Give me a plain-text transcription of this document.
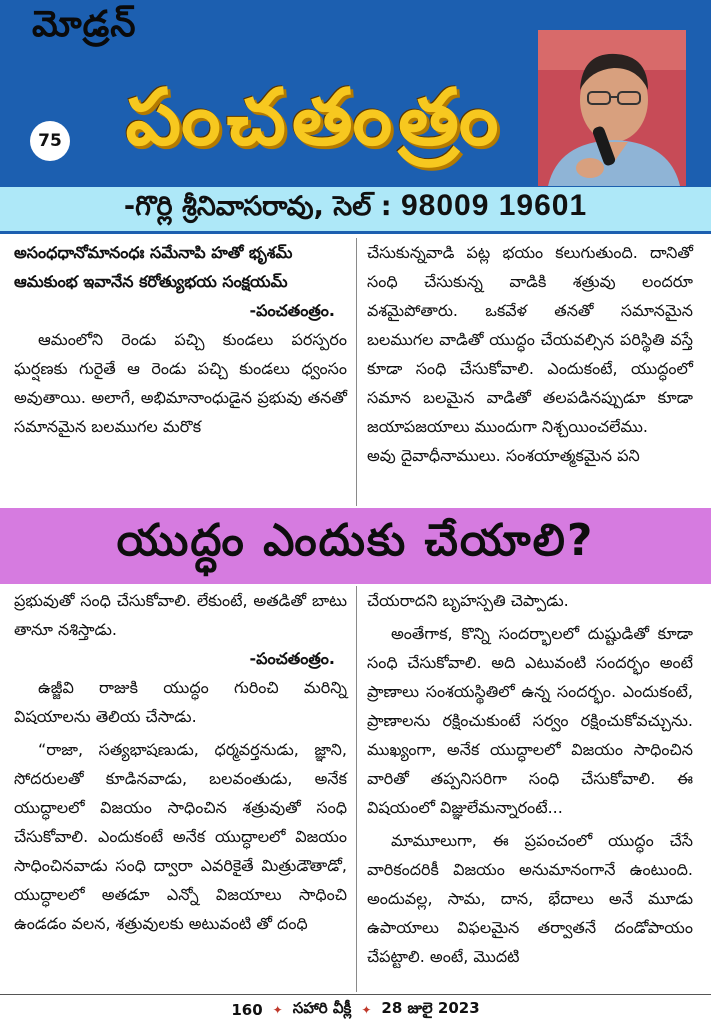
మోడ్రన్
75 పంచతంత్రం
-గొర్లి శ్రీనివాసరావు, సెల్ : 98009 19601

అసంధధానోమానంధః సమేనాపి హతో భృశమ్

ఆమకుంభ ఇవానేన కరోత్యుభయ సంక్షయమ్

-పంచతంత్రం.

ఆమంలోని రెండు పచ్చి కుండలు పరస్పరం ఘర్షణకు గురైతే ఆ రెండు పచ్చి కుండలు ధ్వంసం అవుతాయి. అలాగే, అభిమానాంధుడైన ప్రభువు తనతో సమానమైన బలముగల మరొక

చేసుకున్నవాడి పట్ల భయం కలుగుతుంది. దానితో సంధి చేసుకున్న వాడికి శత్రువు లందరూ వశమైపోతారు. ఒకవేళ తనతో సమానమైన బలముగల వాడితో యుద్ధం చేయవల్సిన పరిస్థితి వస్తే కూడా సంధి చేసుకోవాలి. ఎందుకంటే, యుద్ధంలో సమాన బలమైన వాడితో తలపడినప్పుడూ కూడా జయాపజయాలు ముందుగా నిశ్చయించలేము.

అవు దైవాధీనాములు. సంశయాత్మకమైన పని

యుద్ధం ఎందుకు చేయాలి?

ప్రభువుతో సంధి చేసుకోవాలి. లేకుంటే, అతడితో బాటు తానూ నశిస్తాడు.

-పంచతంత్రం.

ఉజ్జీవి రాజుకి యుద్ధం గురించి మరిన్ని విషయాలను తెలియ చేసాడు.

“రాజా, సత్యభాషణుడు, ధర్మవర్తనుడు, జ్ఞాని, సోదరులతో కూడినవాడు, బలవంతుడు, అనేక యుద్ధాలలో విజయం సాధించిన శత్రువుతో సంధి చేసుకోవాలి. ఎందుకంటే అనేక యుద్ధాలలో విజయం సాధించినవాడు సంధి ద్వారా ఎవరికైతే మిత్రుడౌతాడో, యుద్ధాలలో అతడూ ఎన్నో విజయాలు సాధించి ఉండడం వలన, శత్రువులకు అటువంటి తో దంధి

చేయరాదని బృహస్పతి చెప్పాడు.

అంతేగాక, కొన్ని సందర్భాలలో దుష్టుడితో కూడా సంధి చేసుకోవాలి. అది ఎటువంటి సందర్భం అంటే ప్రాణాలు సంశయస్థితిలో ఉన్న సందర్భం. ఎందుకంటే, ప్రాణాలను రక్షించుకుంటే సర్వం రక్షించుకోవచ్చును. ముఖ్యంగా, అనేక యుద్ధాలలో విజయం సాధించిన వారితో తప్పనిసరిగా సంధి చేసుకోవాలి. ఈ విషయంలో విజ్ఞులేమన్నారంటే...

మామూలుగా, ఈ ప్రపంచంలో యుద్ధం చేసే వారికందరికీ విజయం అనుమానంగానే ఉంటుంది. అందువల్ల, సామ, దాన, భేదాలు అనే మూడు ఉపాయాలు విఫలమైన తర్వాతనే దండోపాయం చేపట్టాలి. అంటే, మొదటి

160 ✦ సహారి వీక్లీ ✦ 28 జులై 2023
